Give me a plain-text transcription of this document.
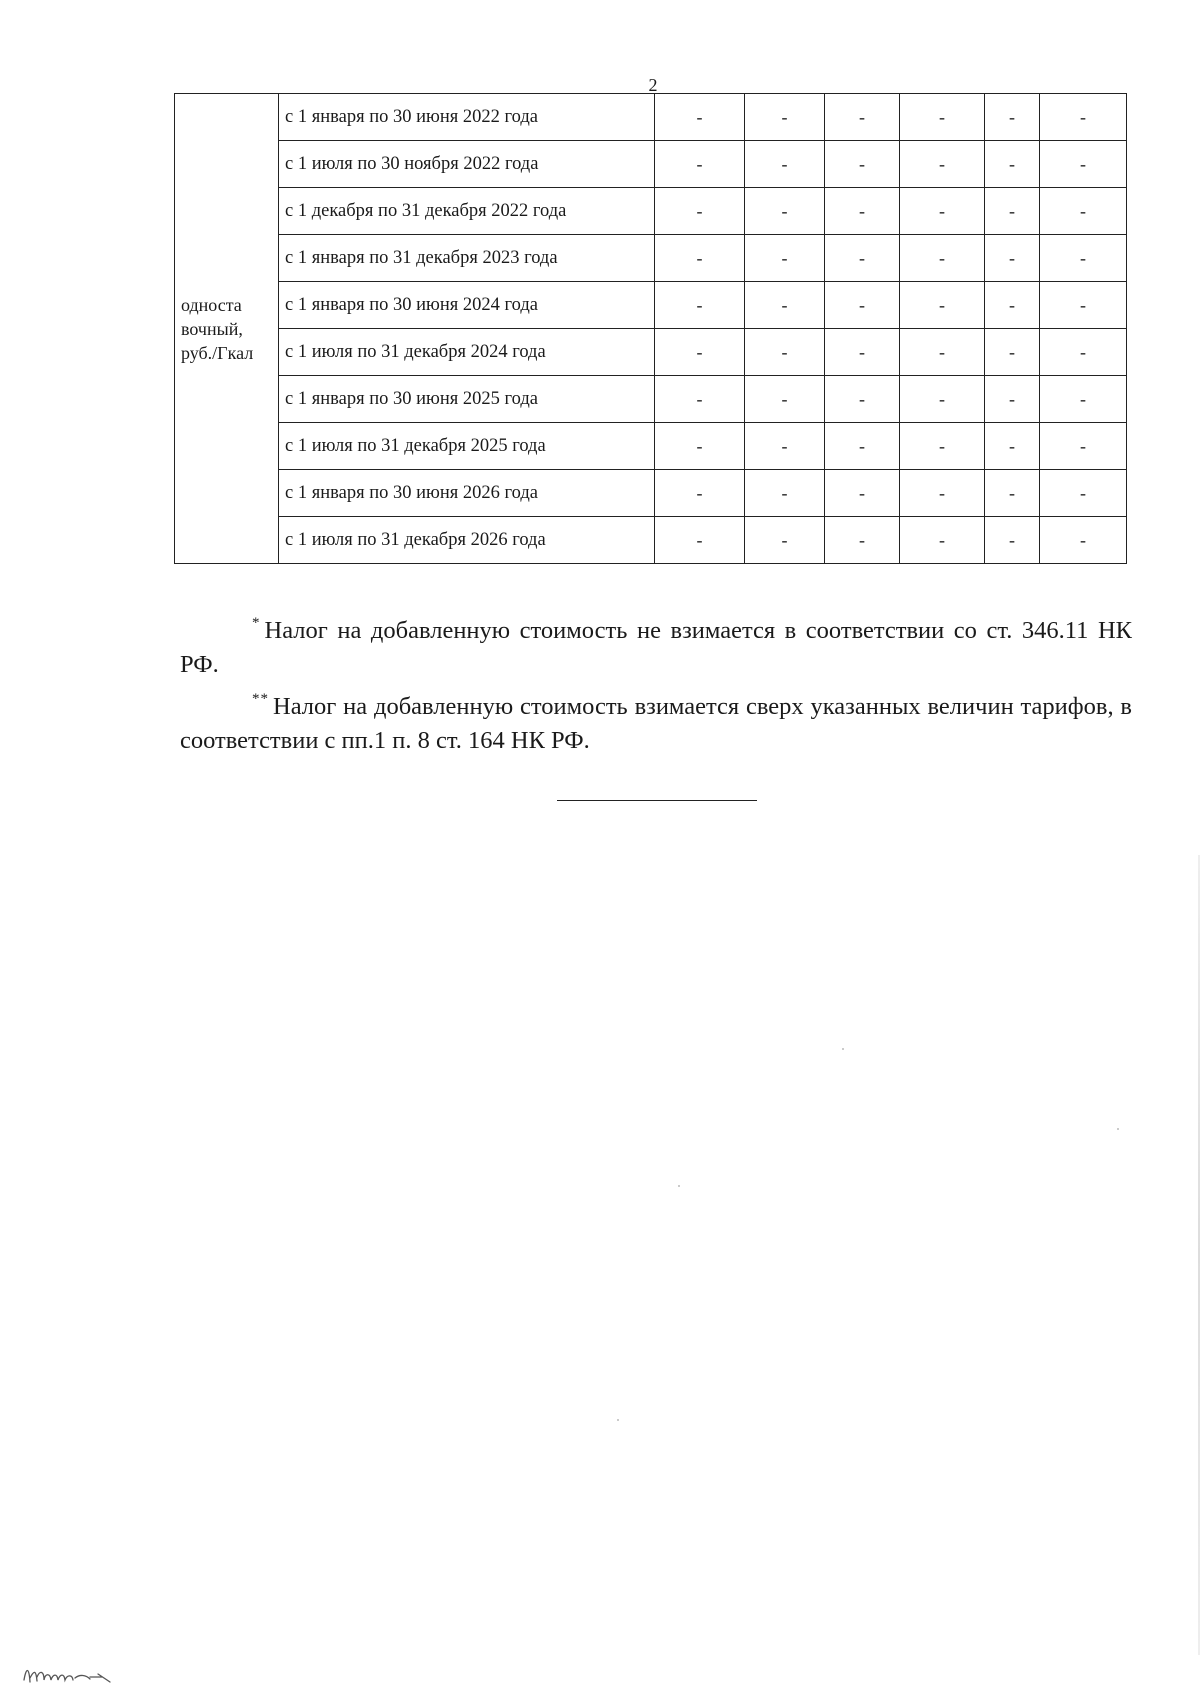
2
односта
вочный,
руб./Гкал	с 1 января по 30 июня 2022 года	-	-	-	-	-	-
	с 1 июля по 30 ноября 2022 года	-	-	-	-	-	-
	с 1 декабря по 31 декабря 2022 года	-	-	-	-	-	-
	с 1 января по 31 декабря 2023 года	-	-	-	-	-	-
	с 1 января по 30 июня 2024 года	-	-	-	-	-	-
	с 1 июля по 31 декабря 2024 года	-	-	-	-	-	-
	с 1 января по 30 июня 2025 года	-	-	-	-	-	-
	с 1 июля по 31 декабря 2025 года	-	-	-	-	-	-
	с 1 января по 30 июня 2026 года	-	-	-	-	-	-
	с 1 июля по 31 декабря 2026 года	-	-	-	-	-	-

* Налог на добавленную стоимость не взимается в соответствии со ст. 346.11 НК РФ.

** Налог на добавленную стоимость взимается сверх указанных величин тарифов, в соответствии с пп.1 п. 8 ст. 164 НК РФ.
